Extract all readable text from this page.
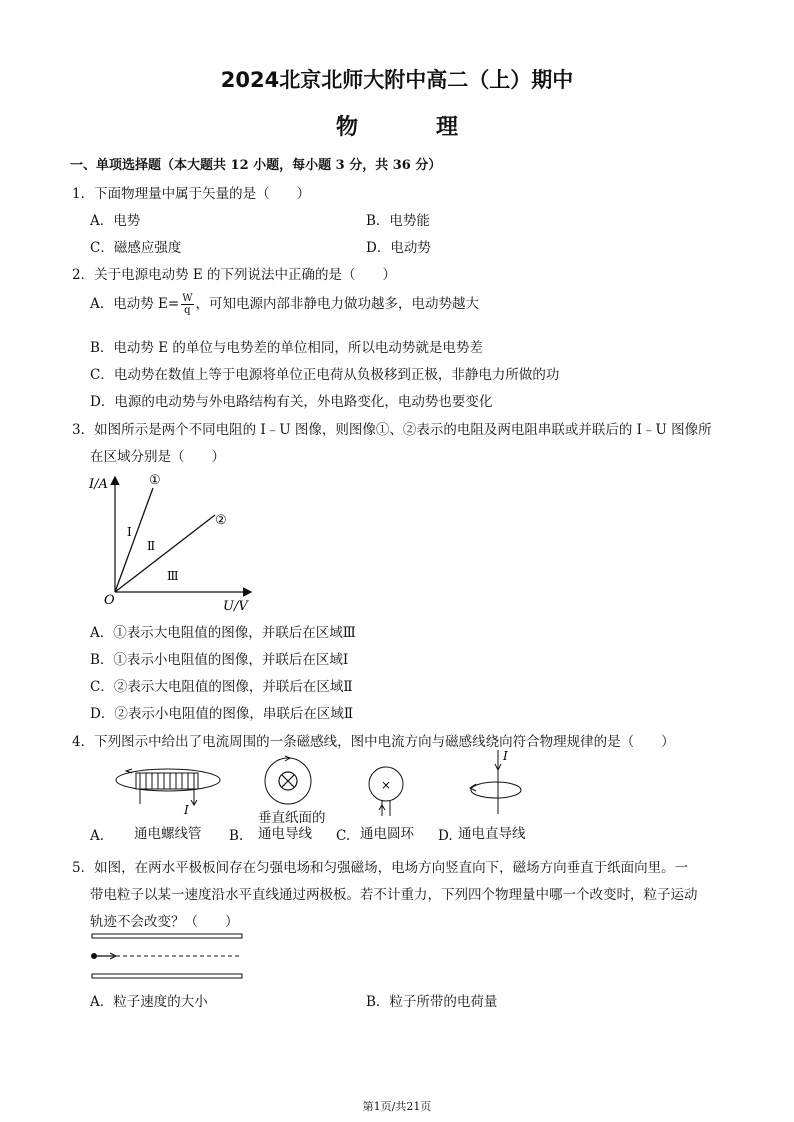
2024北京北师大附中高二（上）期中
物　理
一、单项选择题（本大题共 12 小题，每小题 3 分，共 36 分）
1．下面物理量中属于矢量的是（　　）
A．电势	B．电势能
C．磁感应强度	D．电动势
2．关于电源电动势 E 的下列说法中正确的是（　　）
A．电动势 $E= \frac{W}{q}$ ，可知电源内部非静电力做功越多，电动势越大
B．电动势 E 的单位与电势差的单位相同，所以电动势就是电势差
C．电动势在数值上等于电源将单位正电荷从负极移到正极，非静电力所做的功
D．电源的电动势与外电路结构有关，外电路变化，电动势也要变化
3．如图所示是两个不同电阻的 I﹣U 图像，则图像①、②表示的电阻及两电阻串联或并联后的 I﹣U 图像所
在区域分别是（　　）
I/A
U/V
O
①
②
Ⅰ
Ⅱ
Ⅲ
A．①表示大电阻值的图像，并联后在区域Ⅲ
B．①表示小电阻值的图像，并联后在区域Ⅰ
C．②表示大电阻值的图像，并联后在区域Ⅱ
D．②表示小电阻值的图像，串联后在区域Ⅱ
4．下列图示中给出了电流周围的一条磁感线，图中电流方向与磁感线绕向符合物理规律的是（　　）
I
A. 通电螺线管
垂直纸面的
B. 通电导线
×
C. 通电圆环
I
D. 通电直导线
5．如图，在两水平极板间存在匀强电场和匀强磁场，电场方向竖直向下，磁场方向垂直于纸面向里。一
带电粒子以某一速度沿水平直线通过两极板。若不计重力，下列四个物理量中哪一个改变时，粒子运动
轨迹不会改变？（　　）
A．粒子速度的大小	B．粒子所带的电荷量
第1页/共21页
